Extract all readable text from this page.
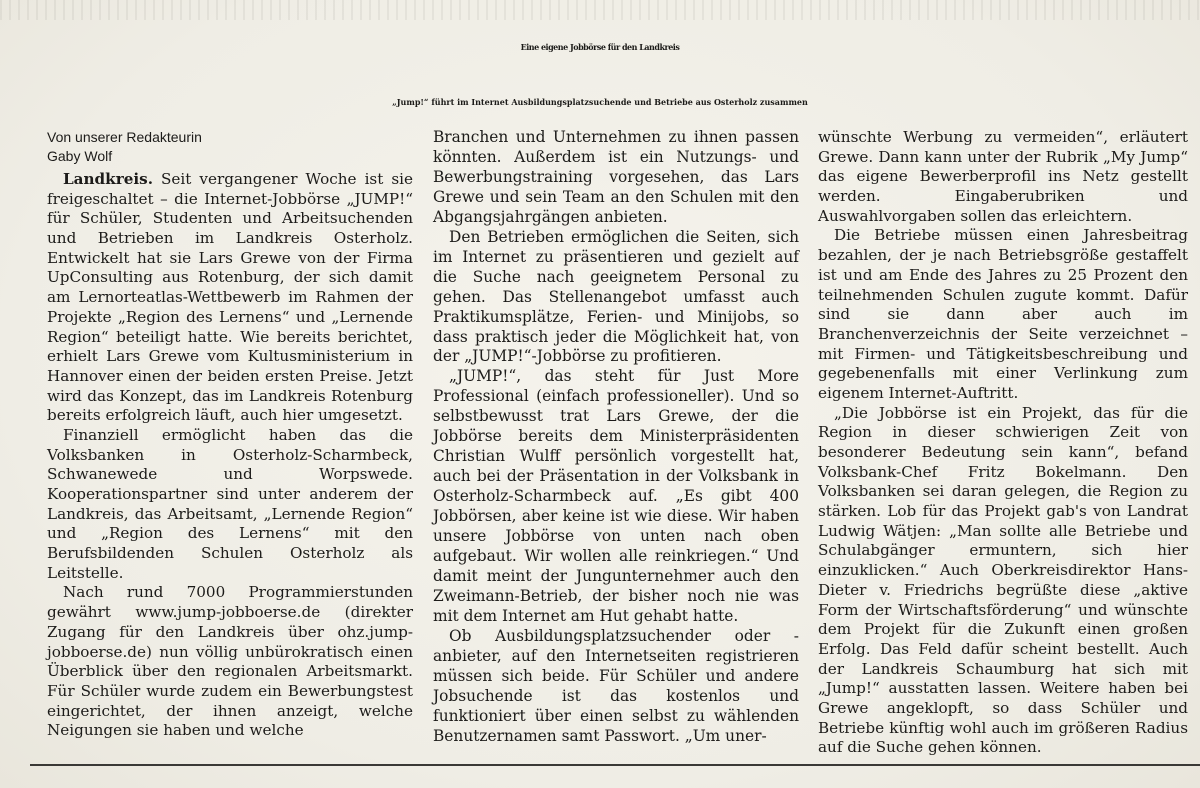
Eine eigene Jobbörse für den Landkreis
„Jump!“ führt im Internet Ausbildungsplatzsuchende und Betriebe aus Osterholz zusammen
Von unserer Redakteurin
Gaby Wolf

Landkreis. Seit vergangener Woche ist sie freigeschaltet – die Internet-Jobbörse „JUMP!“ für Schüler, Studenten und Arbeitsuchenden und Betrieben im Landkreis Osterholz. Entwickelt hat sie Lars Grewe von der Firma UpConsulting aus Rotenburg, der sich damit am Lernorteatlas-Wettbewerb im Rahmen der Projekte „Region des Lernens“ und „Lernende Region“ beteiligt hatte. Wie bereits berichtet, erhielt Lars Grewe vom Kultusministerium in Hannover einen der beiden ersten Preise. Jetzt wird das Konzept, das im Landkreis Rotenburg bereits erfolgreich läuft, auch hier umgesetzt.

Finanziell ermöglicht haben das die Volksbanken in Osterholz-Scharmbeck, Schwanewede und Worpswede. Kooperationspartner sind unter anderem der Landkreis, das Arbeitsamt, „Lernende Region“ und „Region des Lernens“ mit den Berufsbildenden Schulen Osterholz als Leitstelle.

Nach rund 7000 Programmierstunden gewährt www.jump-jobboerse.de (direkter Zugang für den Landkreis über ohz.jump-jobboerse.de) nun völlig unbürokratisch einen Überblick über den regionalen Arbeitsmarkt. Für Schüler wurde zudem ein Bewerbungstest eingerichtet, der ihnen anzeigt, welche Neigungen sie haben und welche

Branchen und Unternehmen zu ihnen passen könnten. Außerdem ist ein Nutzungs- und Bewerbungstraining vorgesehen, das Lars Grewe und sein Team an den Schulen mit den Abgangsjahrgängen anbieten.

Den Betrieben ermöglichen die Seiten, sich im Internet zu präsentieren und gezielt auf die Suche nach geeignetem Personal zu gehen. Das Stellenangebot umfasst auch Praktikumsplätze, Ferien- und Minijobs, so dass praktisch jeder die Möglichkeit hat, von der „JUMP!“-Jobbörse zu profitieren.

„JUMP!“, das steht für Just More Professional (einfach professioneller). Und so selbstbewusst trat Lars Grewe, der die Jobbörse bereits dem Ministerpräsidenten Christian Wulff persönlich vorgestellt hat, auch bei der Präsentation in der Volksbank in Osterholz-Scharmbeck auf. „Es gibt 400 Jobbörsen, aber keine ist wie diese. Wir haben unsere Jobbörse von unten nach oben aufgebaut. Wir wollen alle reinkriegen.“ Und damit meint der Jungunternehmer auch den Zweimann-Betrieb, der bisher noch nie was mit dem Internet am Hut gehabt hatte.

Ob Ausbildungsplatzsuchender oder -anbieter, auf den Internetseiten registrieren müssen sich beide. Für Schüler und andere Jobsuchende ist das kostenlos und funktioniert über einen selbst zu wählenden Benutzernamen samt Passwort. „Um uner-

wünschte Werbung zu vermeiden“, erläutert Grewe. Dann kann unter der Rubrik „My Jump“ das eigene Bewerberprofil ins Netz gestellt werden. Eingaberubriken und Auswahlvorgaben sollen das erleichtern.

Die Betriebe müssen einen Jahresbeitrag bezahlen, der je nach Betriebsgröße gestaffelt ist und am Ende des Jahres zu 25 Prozent den teilnehmenden Schulen zugute kommt. Dafür sind sie dann aber auch im Branchenverzeichnis der Seite verzeichnet – mit Firmen- und Tätigkeitsbeschreibung und gegebenenfalls mit einer Verlinkung zum eigenem Internet-Auftritt.

„Die Jobbörse ist ein Projekt, das für die Region in dieser schwierigen Zeit von besonderer Bedeutung sein kann“, befand Volksbank-Chef Fritz Bokelmann. Den Volksbanken sei daran gelegen, die Region zu stärken. Lob für das Projekt gab's von Landrat Ludwig Wätjen: „Man sollte alle Betriebe und Schulabgänger ermuntern, sich hier einzuklicken.“ Auch Oberkreisdirektor Hans-Dieter v. Friedrichs begrüßte diese „aktive Form der Wirtschaftsförderung“ und wünschte dem Projekt für die Zukunft einen großen Erfolg. Das Feld dafür scheint bestellt. Auch der Landkreis Schaumburg hat sich mit „Jump!“ ausstatten lassen. Weitere haben bei Grewe angeklopft, so dass Schüler und Betriebe künftig wohl auch im größeren Radius auf die Suche gehen können.
